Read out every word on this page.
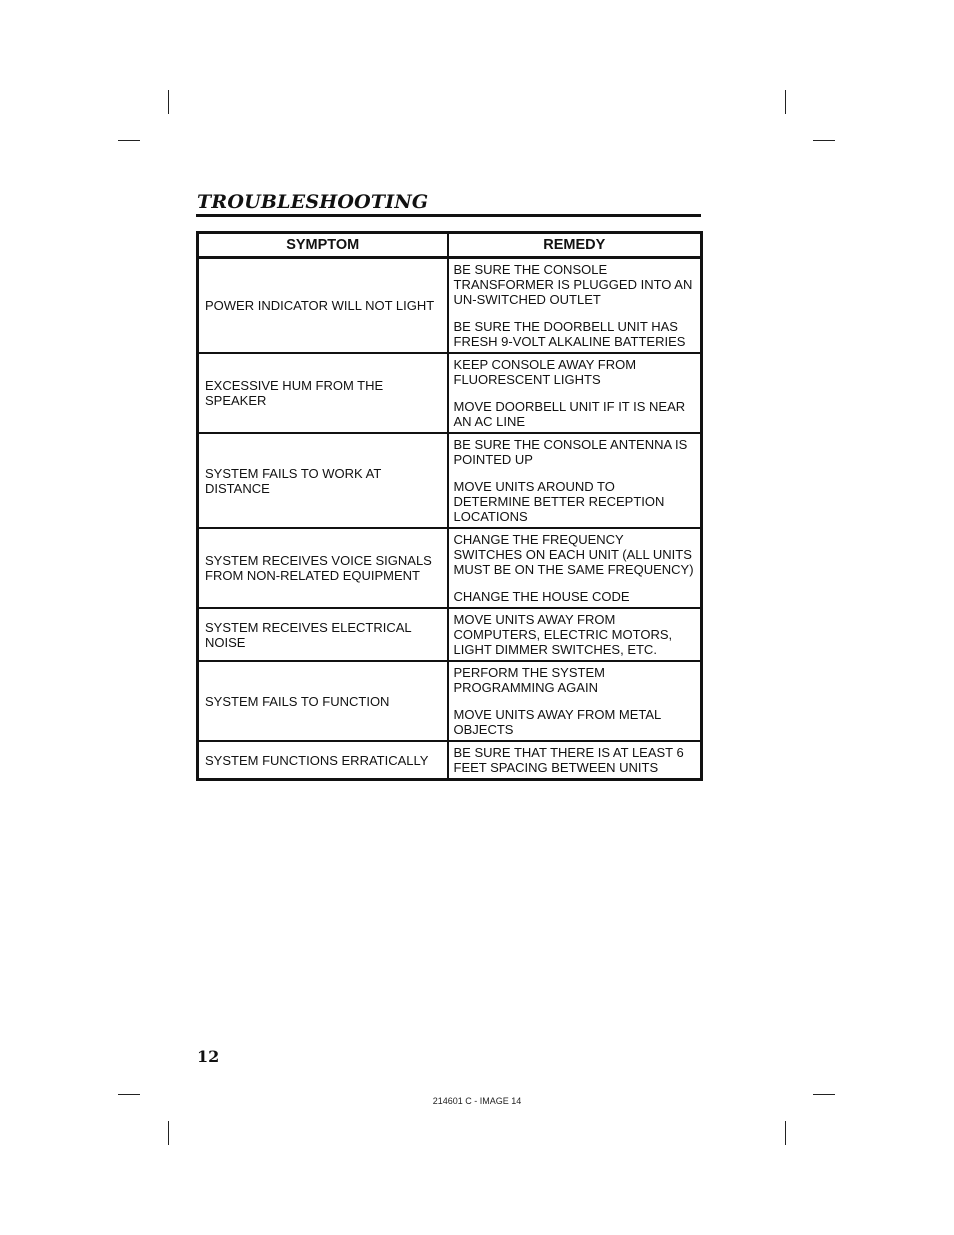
TROUBLESHOOTING
SYMPTOM	REMEDY
POWER INDICATOR WILL NOT LIGHT	BE SURE THE CONSOLE TRANSFORMER IS PLUGGED INTO AN UN-SWITCHED OUTLET

BE SURE THE DOORBELL UNIT HAS FRESH 9-VOLT ALKALINE BATTERIES

EXCESSIVE HUM FROM THE SPEAKER	KEEP CONSOLE AWAY FROM FLUORESCENT LIGHTS

MOVE DOORBELL UNIT IF IT IS NEAR AN AC LINE

SYSTEM FAILS TO WORK AT DISTANCE	BE SURE THE CONSOLE ANTENNA IS POINTED UP

MOVE UNITS AROUND TO DETERMINE BETTER RECEPTION LOCATIONS

SYSTEM RECEIVES VOICE SIGNALS FROM NON-RELATED EQUIPMENT	CHANGE THE FREQUENCY SWITCHES ON EACH UNIT (ALL UNITS MUST BE ON THE SAME FREQUENCY)

CHANGE THE HOUSE CODE

SYSTEM RECEIVES ELECTRICAL NOISE	MOVE UNITS AWAY FROM COMPUTERS, ELECTRIC MOTORS, LIGHT DIMMER SWITCHES, ETC.

SYSTEM FAILS TO FUNCTION	PERFORM THE SYSTEM PROGRAMMING AGAIN

MOVE UNITS AWAY FROM METAL OBJECTS

SYSTEM FUNCTIONS ERRATICALLY	BE SURE THAT THERE IS AT LEAST 6 FEET SPACING BETWEEN UNITS

12
214601 C - IMAGE 14
